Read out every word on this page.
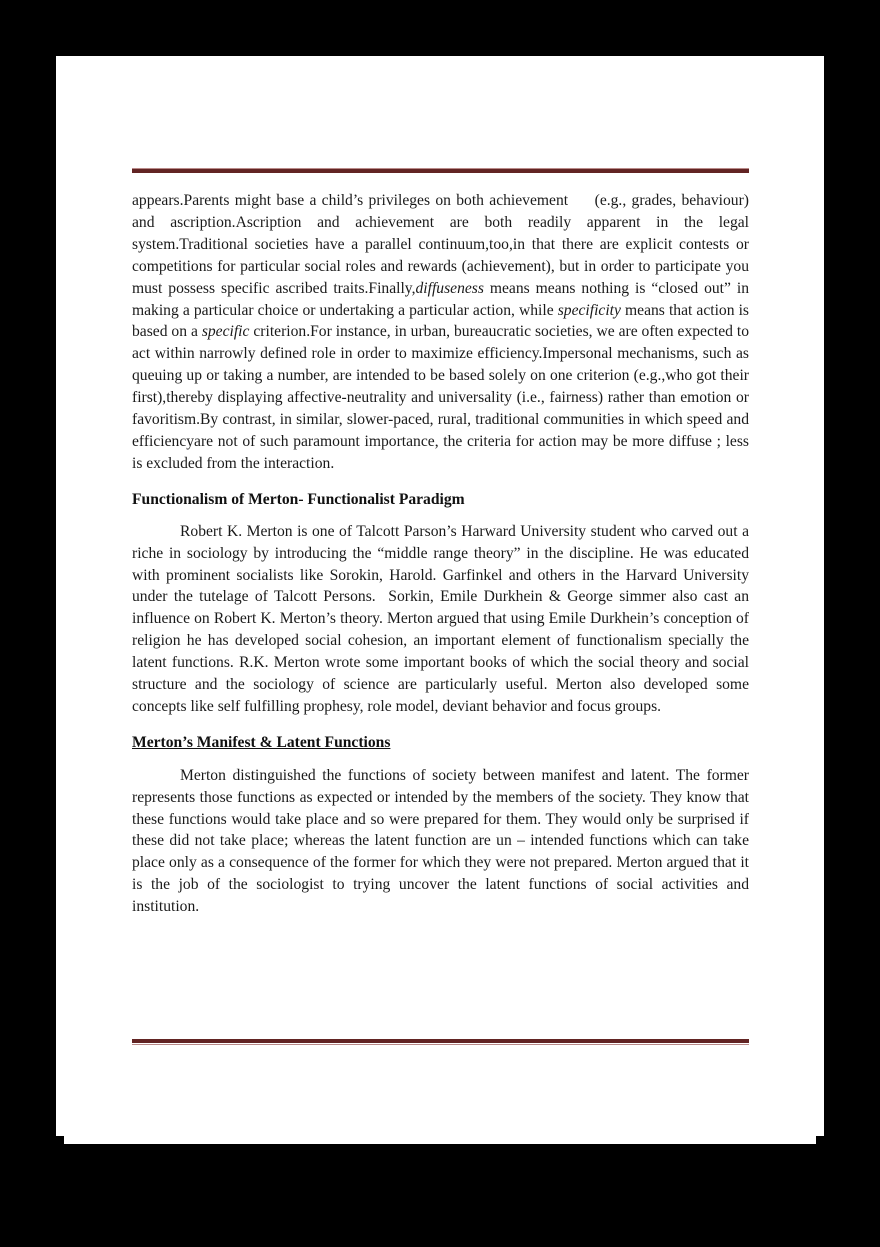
appears.Parents might base a child’s privileges on both achievement     (e.g., grades, behaviour) and ascription.Ascription and achievement are both readily apparent in the legal system.Traditional societies have a parallel continuum,too,in that there are explicit contests or competitions for particular social roles and rewards (achievement), but in order to participate you must possess specific ascribed traits.Finally,diffuseness means means nothing is “closed out” in making a particular choice or undertaking a particular action, while specificity means that action is based on a specific criterion.For instance, in urban, bureaucratic societies, we are often expected to act within narrowly defined role in order to maximize efficiency.Impersonal mechanisms, such as queuing up or taking a number, are intended to be based solely on one criterion (e.g.,who got their first),thereby displaying affective-neutrality and universality (i.e., fairness) rather than emotion or favoritism.By contrast, in similar, slower-paced, rural, traditional communities in which speed and efficiencyare not of such paramount importance, the criteria for action may be more diffuse ; less is excluded from the interaction.

Functionalism of Merton- Functionalist Paradigm

Robert K. Merton is one of Talcott Parson’s Harward University student who carved out a riche in sociology by introducing the “middle range theory” in the discipline. He was educated with prominent socialists like Sorokin, Harold. Garfinkel and others in the Harvard University under the tutelage of Talcott Persons.  Sorkin, Emile Durkhein & George simmer also cast an influence on Robert K. Merton’s theory. Merton argued that using Emile Durkhein’s conception of religion he has developed social cohesion, an important element of functionalism specially the latent functions. R.K. Merton wrote some important books of which the social theory and social structure and the sociology of science are particularly useful. Merton also developed some concepts like self fulfilling prophesy, role model, deviant behavior and focus groups.

Merton’s Manifest & Latent Functions

Merton distinguished the functions of society between manifest and latent. The former represents those functions as expected or intended by the members of the society. They know that these functions would take place and so were prepared for them. They would only be surprised if these did not take place; whereas the latent function are un – intended functions which can take place only as a consequence of the former for which they were not prepared. Merton argued that it is the job of the sociologist to trying uncover the latent functions of social activities and institution.
